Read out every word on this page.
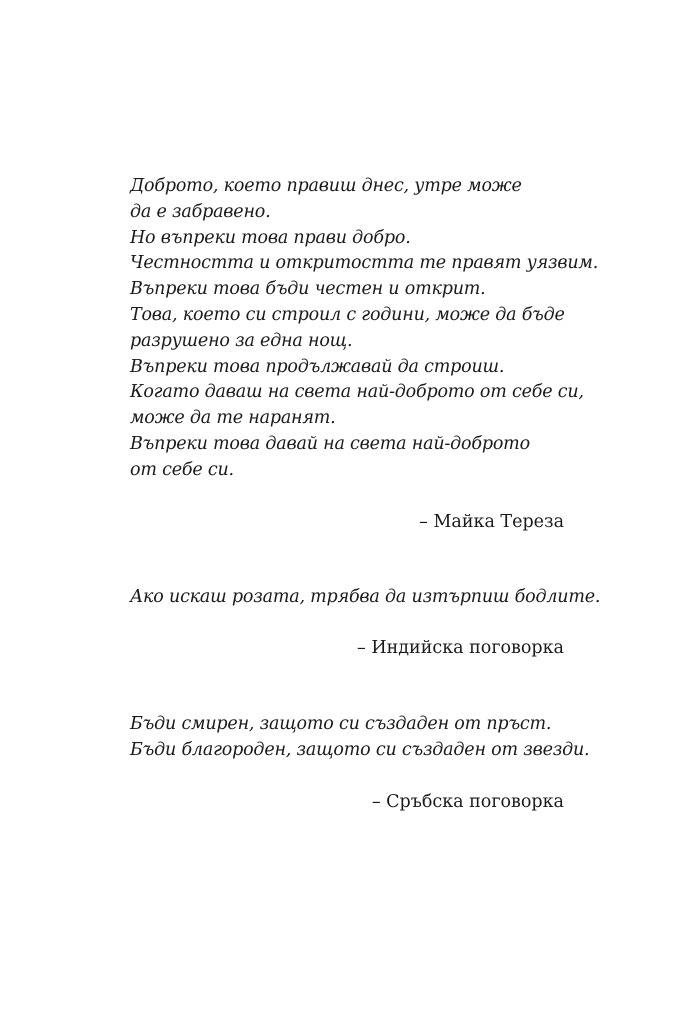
Доброто, което правиш днес, утре може
да е забравено.
Но въпреки това прави добро.
Честността и откритостта те правят уязвим.
Въпреки това бъди честен и открит.
Това, което си строил с години, може да бъде
разрушено за една нощ.
Въпреки това продължавай да строиш.
Когато даваш на света най-доброто от себе си,
може да те наранят.
Въпреки това давай на света най-доброто
от себе си.
– Майка Тереза
Ако искаш розата, трябва да изтърпиш бодлите.
– Индийска поговорка
Бъди смирен, защото си създаден от пръст.
Бъди благороден, защото си създаден от звезди.
– Сръбска поговорка
